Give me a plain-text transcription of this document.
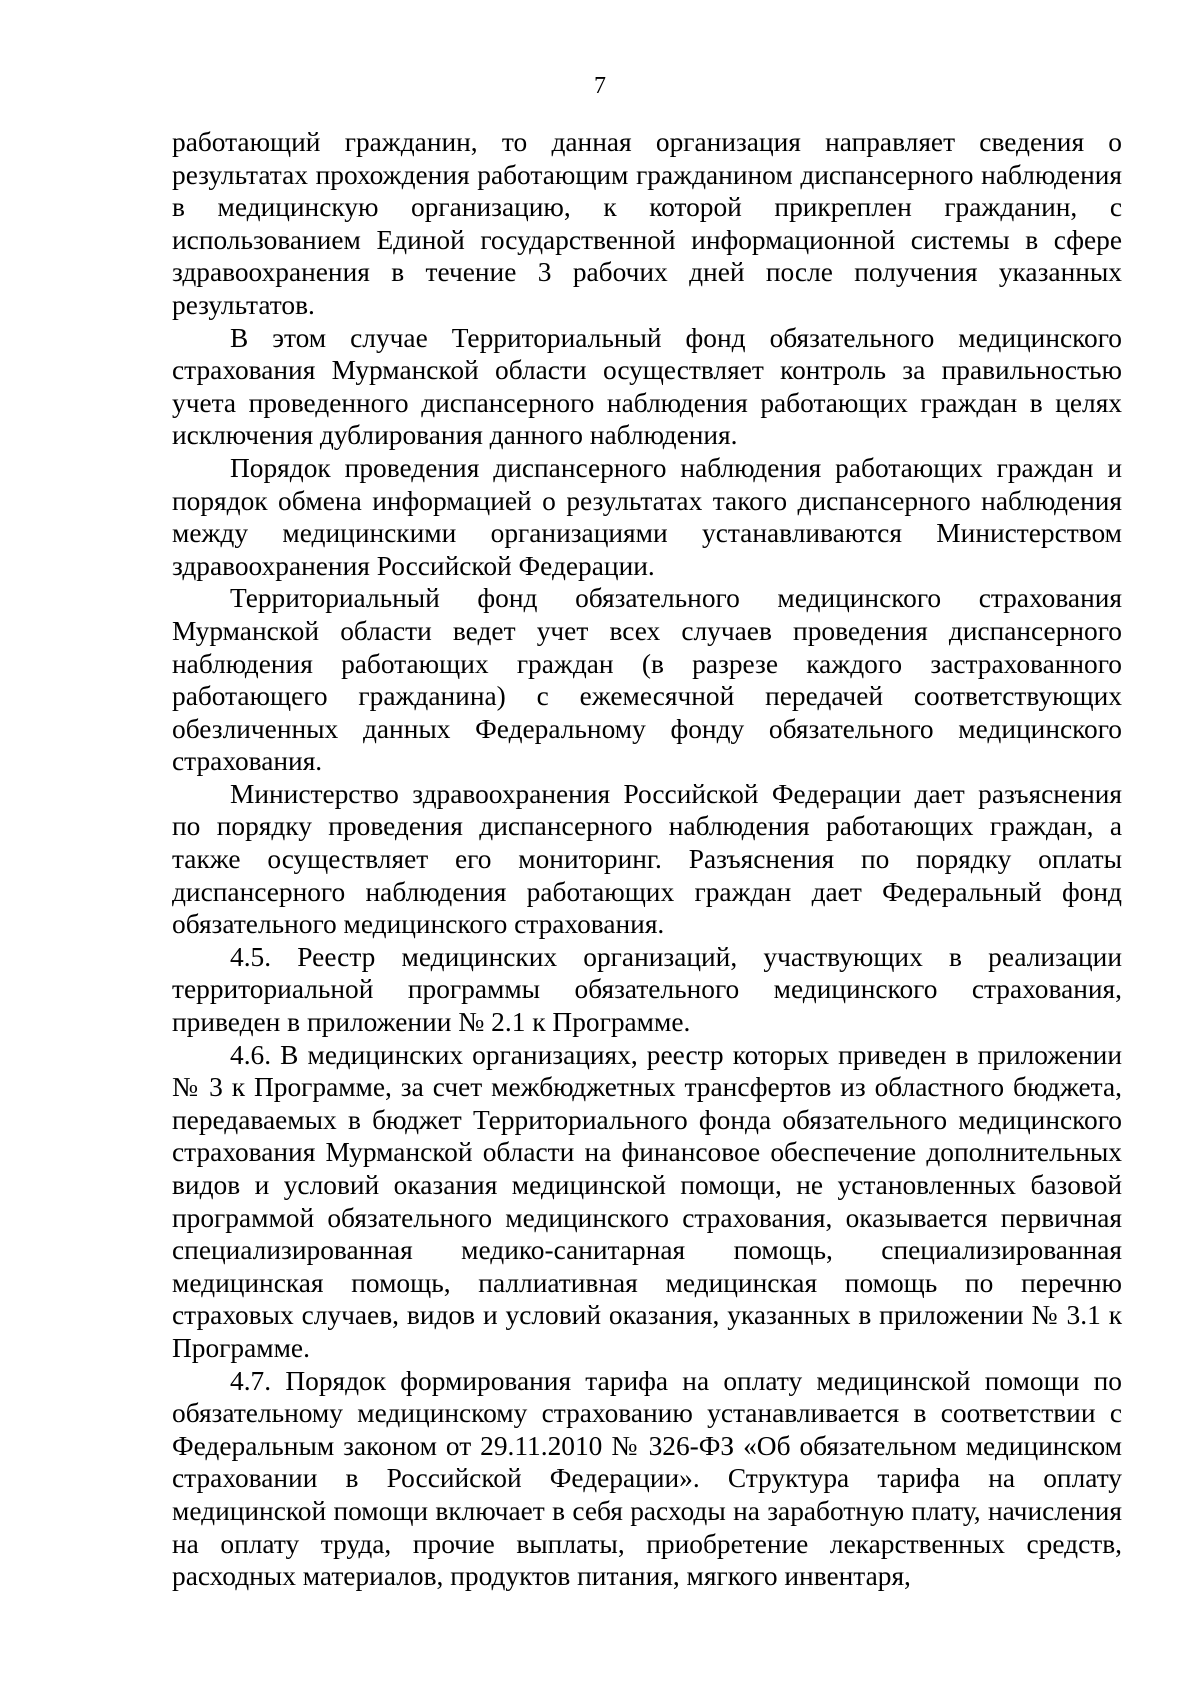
7

работающий гражданин, то данная организация направляет сведения о результатах прохождения работающим гражданином диспансерного наблюдения в медицинскую организацию, к которой прикреплен гражданин, с использованием Единой государственной информационной системы в сфере здравоохранения в течение 3 рабочих дней после получения указанных результатов.

В этом случае Территориальный фонд обязательного медицинского страхования Мурманской области осуществляет контроль за правильностью учета проведенного диспансерного наблюдения работающих граждан в целях исключения дублирования данного наблюдения.

Порядок проведения диспансерного наблюдения работающих граждан и порядок обмена информацией о результатах такого диспансерного наблюдения между медицинскими организациями устанавливаются Министерством здравоохранения Российской Федерации.

Территориальный фонд обязательного медицинского страхования Мурманской области ведет учет всех случаев проведения диспансерного наблюдения работающих граждан (в разрезе каждого застрахованного работающего гражданина) с ежемесячной передачей соответствующих обезличенных данных Федеральному фонду обязательного медицинского страхования.

Министерство здравоохранения Российской Федерации дает разъяснения по порядку проведения диспансерного наблюдения работающих граждан, а также осуществляет его мониторинг. Разъяснения по порядку оплаты диспансерного наблюдения работающих граждан дает Федеральный фонд обязательного медицинского страхования.

4.5. Реестр медицинских организаций, участвующих в реализации территориальной программы обязательного медицинского страхования, приведен в приложении № 2.1 к Программе.

4.6. В медицинских организациях, реестр которых приведен в приложении № 3 к Программе, за счет межбюджетных трансфертов из областного бюджета, передаваемых в бюджет Территориального фонда обязательного медицинского страхования Мурманской области на финансовое обеспечение дополнительных видов и условий оказания медицинской помощи, не установленных базовой программой обязательного медицинского страхования, оказывается первичная специализированная медико-санитарная помощь, специализированная медицинская помощь, паллиативная медицинская помощь по перечню страховых случаев, видов и условий оказания, указанных в приложении № 3.1 к Программе.

4.7. Порядок формирования тарифа на оплату медицинской помощи по обязательному медицинскому страхованию устанавливается в соответствии с Федеральным законом от 29.11.2010 № 326-ФЗ «Об обязательном медицинском страховании в Российской Федерации». Структура тарифа на оплату медицинской помощи включает в себя расходы на заработную плату, начисления на оплату труда, прочие выплаты, приобретение лекарственных средств, расходных материалов, продуктов питания, мягкого инвентаря,
